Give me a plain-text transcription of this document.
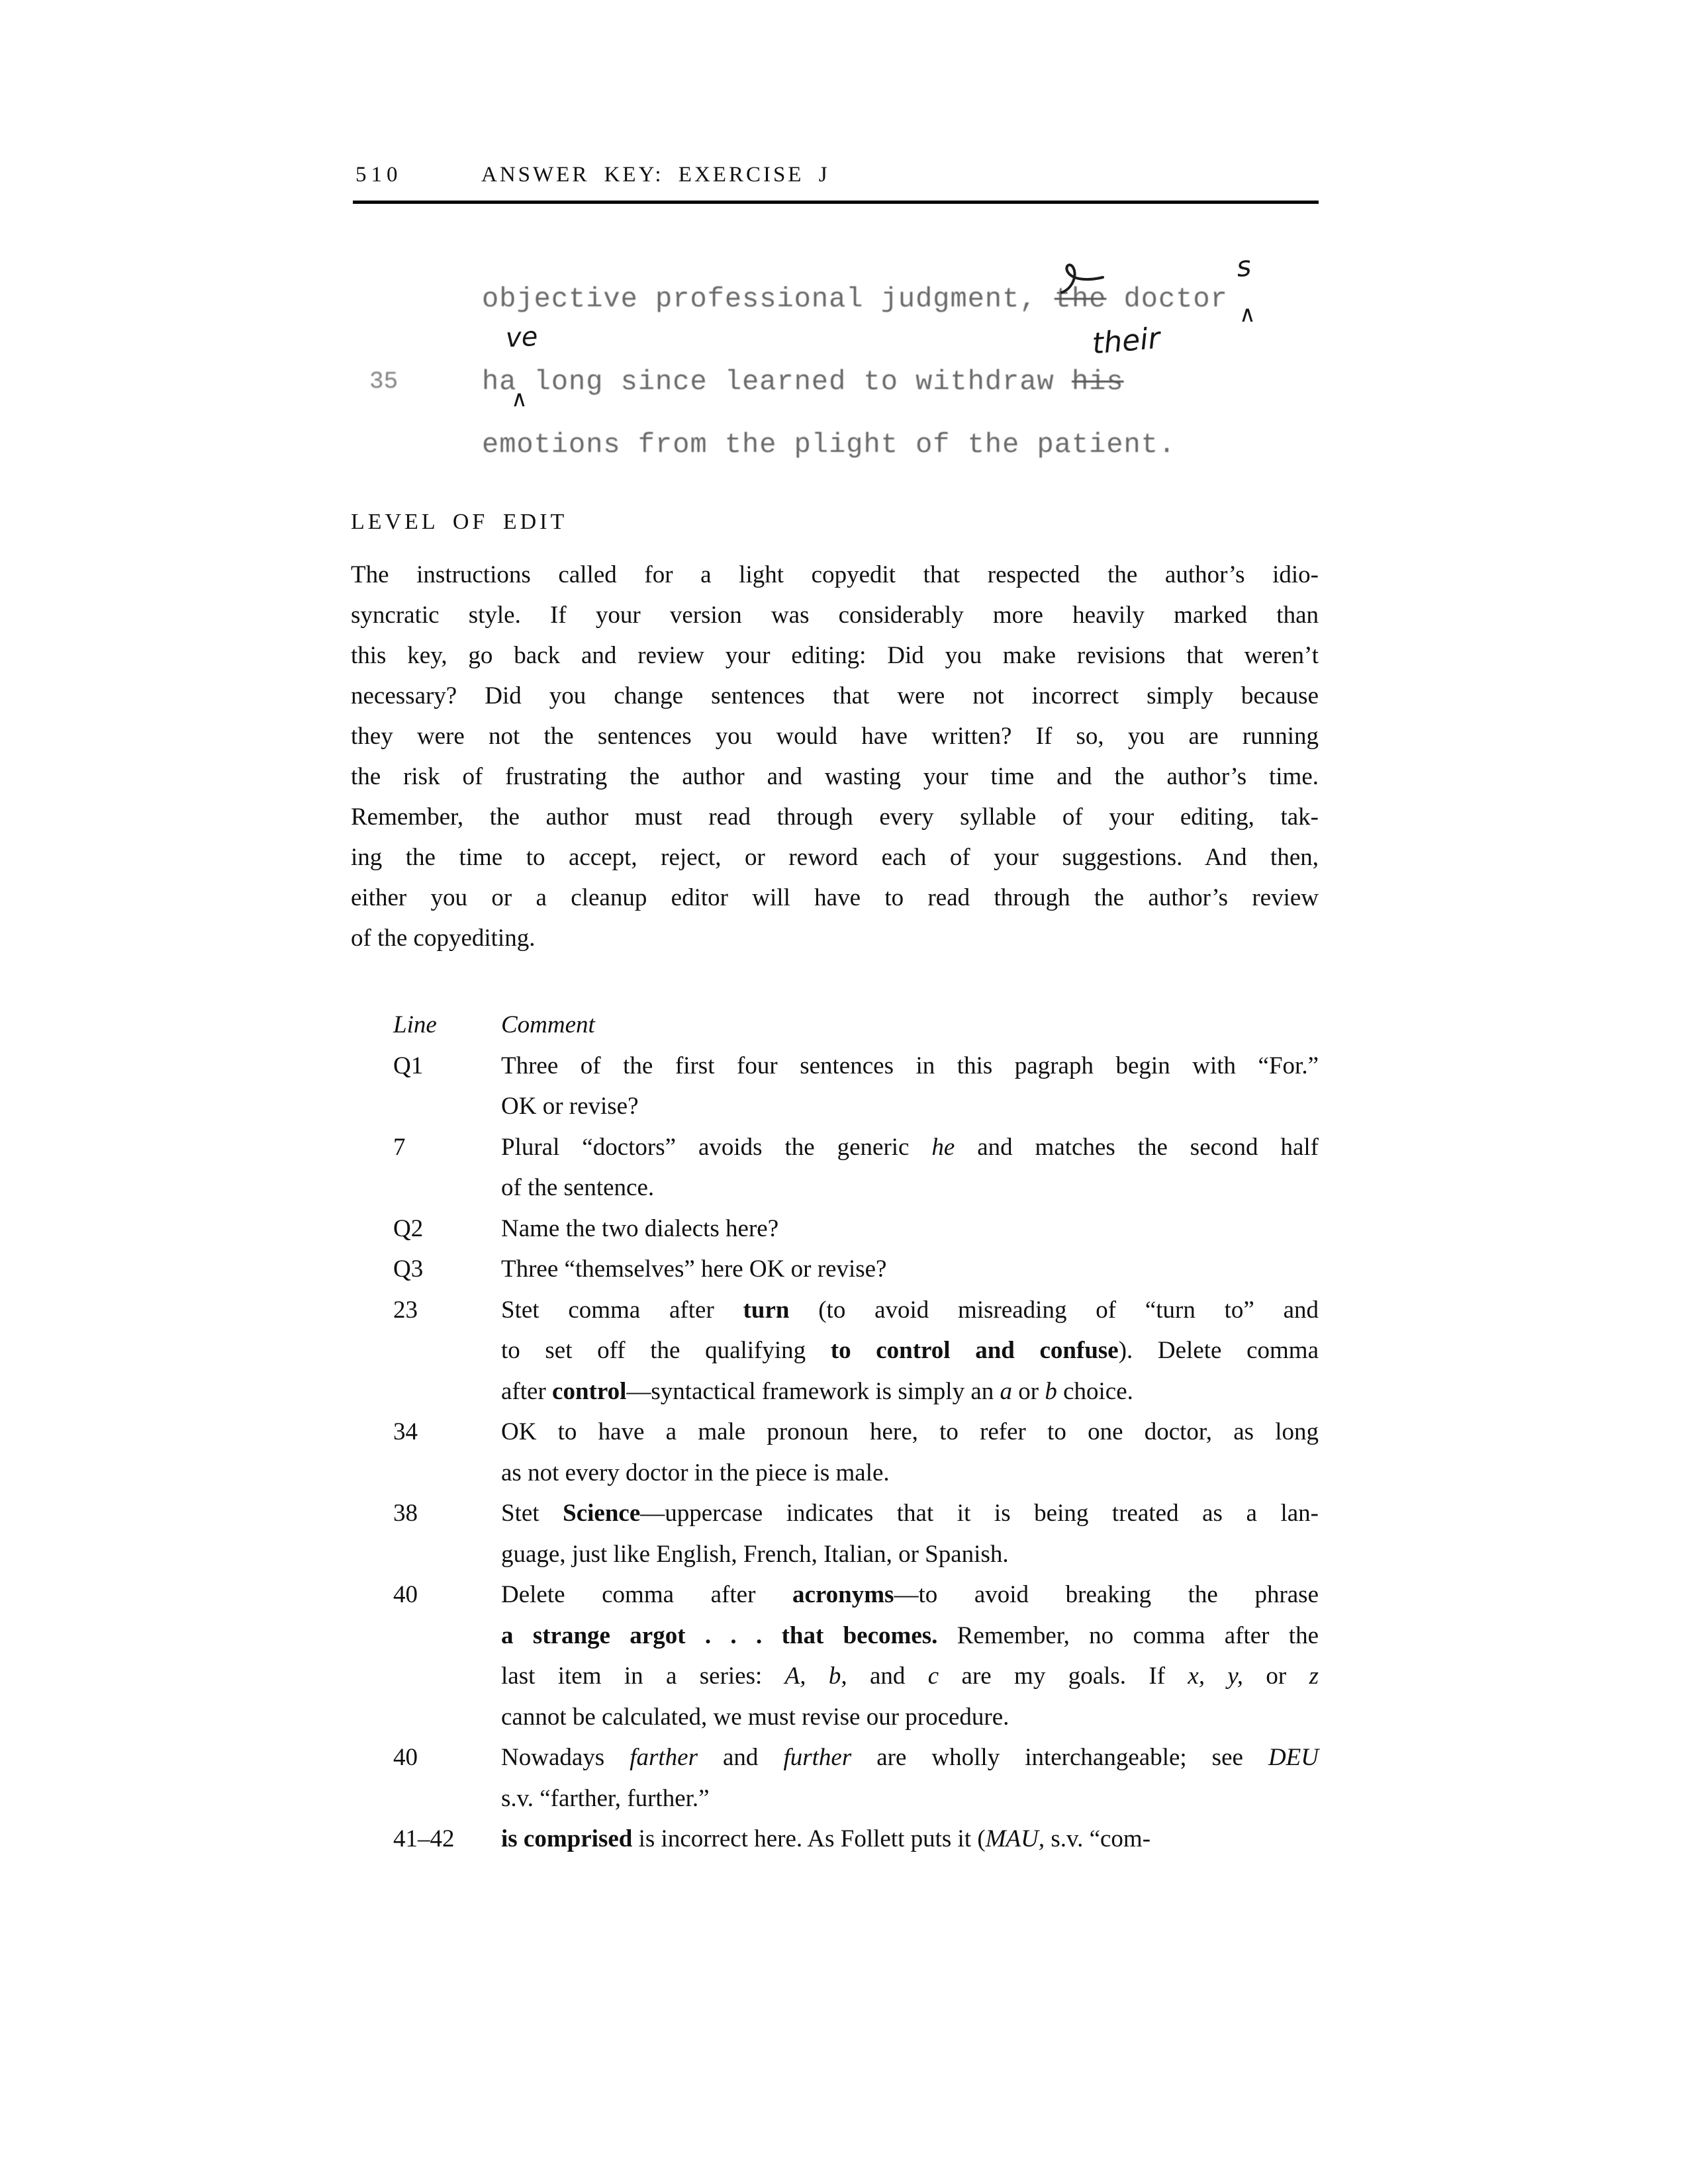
510	ANSWER KEY: EXERCISE J
objective professional judgment, the doctor
s
∧
35
ve	their
ha long since learned to withdraw his
∧
emotions from the plight of the patient.
LEVEL OF EDIT
The instructions called for a light copyedit that respected the author’s idio-
syncratic style. If your version was considerably more heavily marked than
this key, go back and review your editing: Did you make revisions that weren’t
necessary? Did you change sentences that were not incorrect simply because
they were not the sentences you would have written? If so, you are running
the risk of frustrating the author and wasting your time and the author’s time.
Remember, the author must read through every syllable of your editing, tak-
ing the time to accept, reject, or reword each of your suggestions. And then,
either you or a cleanup editor will have to read through the author’s review
of the copyediting.
Line	Comment
Q1	Three of the first four sentences in this pagraph begin with “For.”
OK or revise?
7	Plural “doctors” avoids the generic he and matches the second half
of the sentence.
Q2	Name the two dialects here?
Q3	Three “themselves” here OK or revise?
23	Stet comma after turn (to avoid misreading of “turn to” and
to set off the qualifying to control and confuse). Delete comma
after control—syntactical framework is simply an a or b choice.
34	OK to have a male pronoun here, to refer to one doctor, as long
as not every doctor in the piece is male.
38	Stet Science—uppercase indicates that it is being treated as a lan-
guage, just like English, French, Italian, or Spanish.
40	Delete comma after acronyms—to avoid breaking the phrase
a strange argot . . . that becomes. Remember, no comma after the
last item in a series: A, b, and c are my goals. If x, y, or z
cannot be calculated, we must revise our procedure.
40	Nowadays farther and further are wholly interchangeable; see DEU
s.v. “farther, further.”
41–42	is comprised is incorrect here. As Follett puts it (MAU, s.v. “com-
